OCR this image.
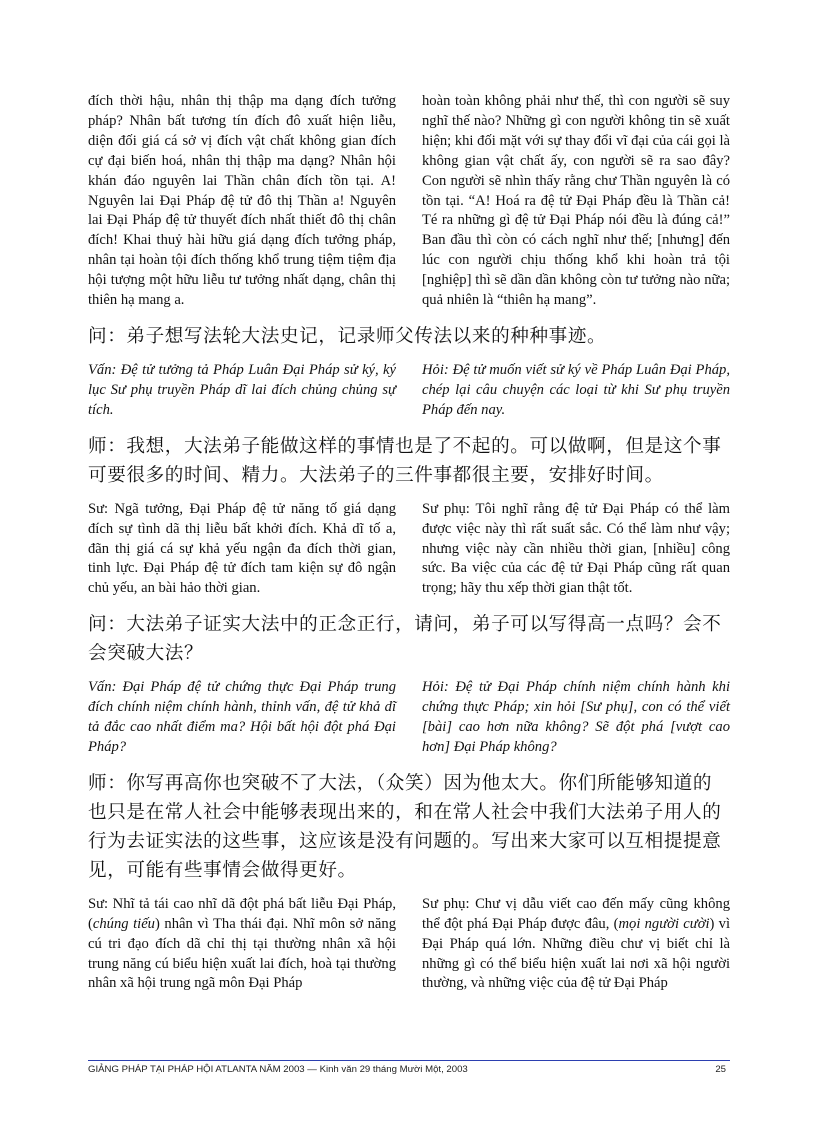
đích thời hậu, nhân thị thập ma dạng đích tưởng pháp? Nhân bất tương tín đích đô xuất hiện liễu, diện đối giá cá sở vị đích vật chất không gian đích cự đại biến hoá, nhân thị thập ma dạng? Nhân hội khán đáo nguyên lai Thần chân đích tồn tại. A! Nguyên lai Đại Pháp đệ tử đô thị Thần a! Nguyên lai Đại Pháp đệ tử thuyết đích nhất thiết đô thị chân đích! Khai thuỷ hài hữu giá dạng đích tưởng pháp, nhân tại hoàn tội đích thống khổ trung tiệm tiệm địa hội tượng một hữu liễu tư tưởng nhất dạng, chân thị thiên hạ mang a.
hoàn toàn không phải như thế, thì con người sẽ suy nghĩ thế nào? Những gì con người không tin sẽ xuất hiện; khi đối mặt với sự thay đổi vĩ đại của cái gọi là không gian vật chất ấy, con người sẽ ra sao đây? Con người sẽ nhìn thấy rằng chư Thần nguyên là có tồn tại. “A! Hoá ra đệ tử Đại Pháp đều là Thần cả! Té ra những gì đệ tử Đại Pháp nói đều là đúng cả!” Ban đầu thì còn có cách nghĩ như thế; [nhưng] đến lúc con người chịu thống khổ khi hoàn trả tội [nghiệp] thì sẽ dần dần không còn tư tưởng nào nữa; quả nhiên là “thiên hạ mang”.
问：弟子想写法轮大法史记，记录师父传法以来的种种事迹。
Vấn: Đệ tử tưởng tả Pháp Luân Đại Pháp sử ký, ký lục Sư phụ truyền Pháp dĩ lai đích chủng chủng sự tích.
Hỏi: Đệ tử muốn viết sử ký về Pháp Luân Đại Pháp, chép lại câu chuyện các loại từ khi Sư phụ truyền Pháp đến nay.
师：我想，大法弟子能做这样的事情也是了不起的。可以做啊，但是这个事可要很多的时间、精力。大法弟子的三件事都很主要，安排好时间。
Sư: Ngã tưởng, Đại Pháp đệ tử năng tố giá dạng đích sự tình dã thị liễu bất khởi đích. Khả dĩ tố a, đãn thị giá cá sự khả yếu ngận đa đích thời gian, tinh lực. Đại Pháp đệ tử đích tam kiện sự đô ngận chủ yếu, an bài hảo thời gian.
Sư phụ: Tôi nghĩ rằng đệ tử Đại Pháp có thể làm được việc này thì rất suất sắc. Có thể làm như vậy; nhưng việc này cần nhiều thời gian, [nhiều] công sức. Ba việc của các đệ tử Đại Pháp cũng rất quan trọng; hãy thu xếp thời gian thật tốt.
问：大法弟子证实大法中的正念正行，请问，弟子可以写得高一点吗？会不会突破大法？
Vấn: Đại Pháp đệ tử chứng thực Đại Pháp trung đích chính niệm chính hành, thỉnh vấn, đệ tử khả dĩ tả đắc cao nhất điểm ma? Hội bất hội đột phá Đại Pháp?
Hỏi: Đệ tử Đại Pháp chính niệm chính hành khi chứng thực Pháp; xin hỏi [Sư phụ], con có thể viết [bài] cao hơn nữa không? Sẽ đột phá [vượt cao hơn] Đại Pháp không?
师：你写再高你也突破不了大法，（众笑）因为他太大。你们所能够知道的也只是在常人社会中能够表现出来的，和在常人社会中我们大法弟子用人的行为去证实法的这些事，这应该是没有问题的。写出来大家可以互相提提意见，可能有些事情会做得更好。
Sư: Nhĩ tả tái cao nhĩ dã đột phá bất liễu Đại Pháp, (chúng tiếu) nhân vì Tha thái đại. Nhĩ môn sở năng cú tri đạo đích dã chỉ thị tại thường nhân xã hội trung năng cú biểu hiện xuất lai đích, hoà tại thường nhân xã hội trung ngã môn Đại Pháp
Sư phụ: Chư vị dẫu viết cao đến mấy cũng không thể đột phá Đại Pháp được đâu, (mọi người cười) vì Đại Pháp quá lớn. Những điều chư vị biết chỉ là những gì có thể biểu hiện xuất lai nơi xã hội người thường, và những việc của đệ tử Đại Pháp
GIẢNG PHÁP TẠI PHÁP HỘI ATLANTA NĂM 2003 — Kinh văn 29 tháng Mười Một, 2003	25
